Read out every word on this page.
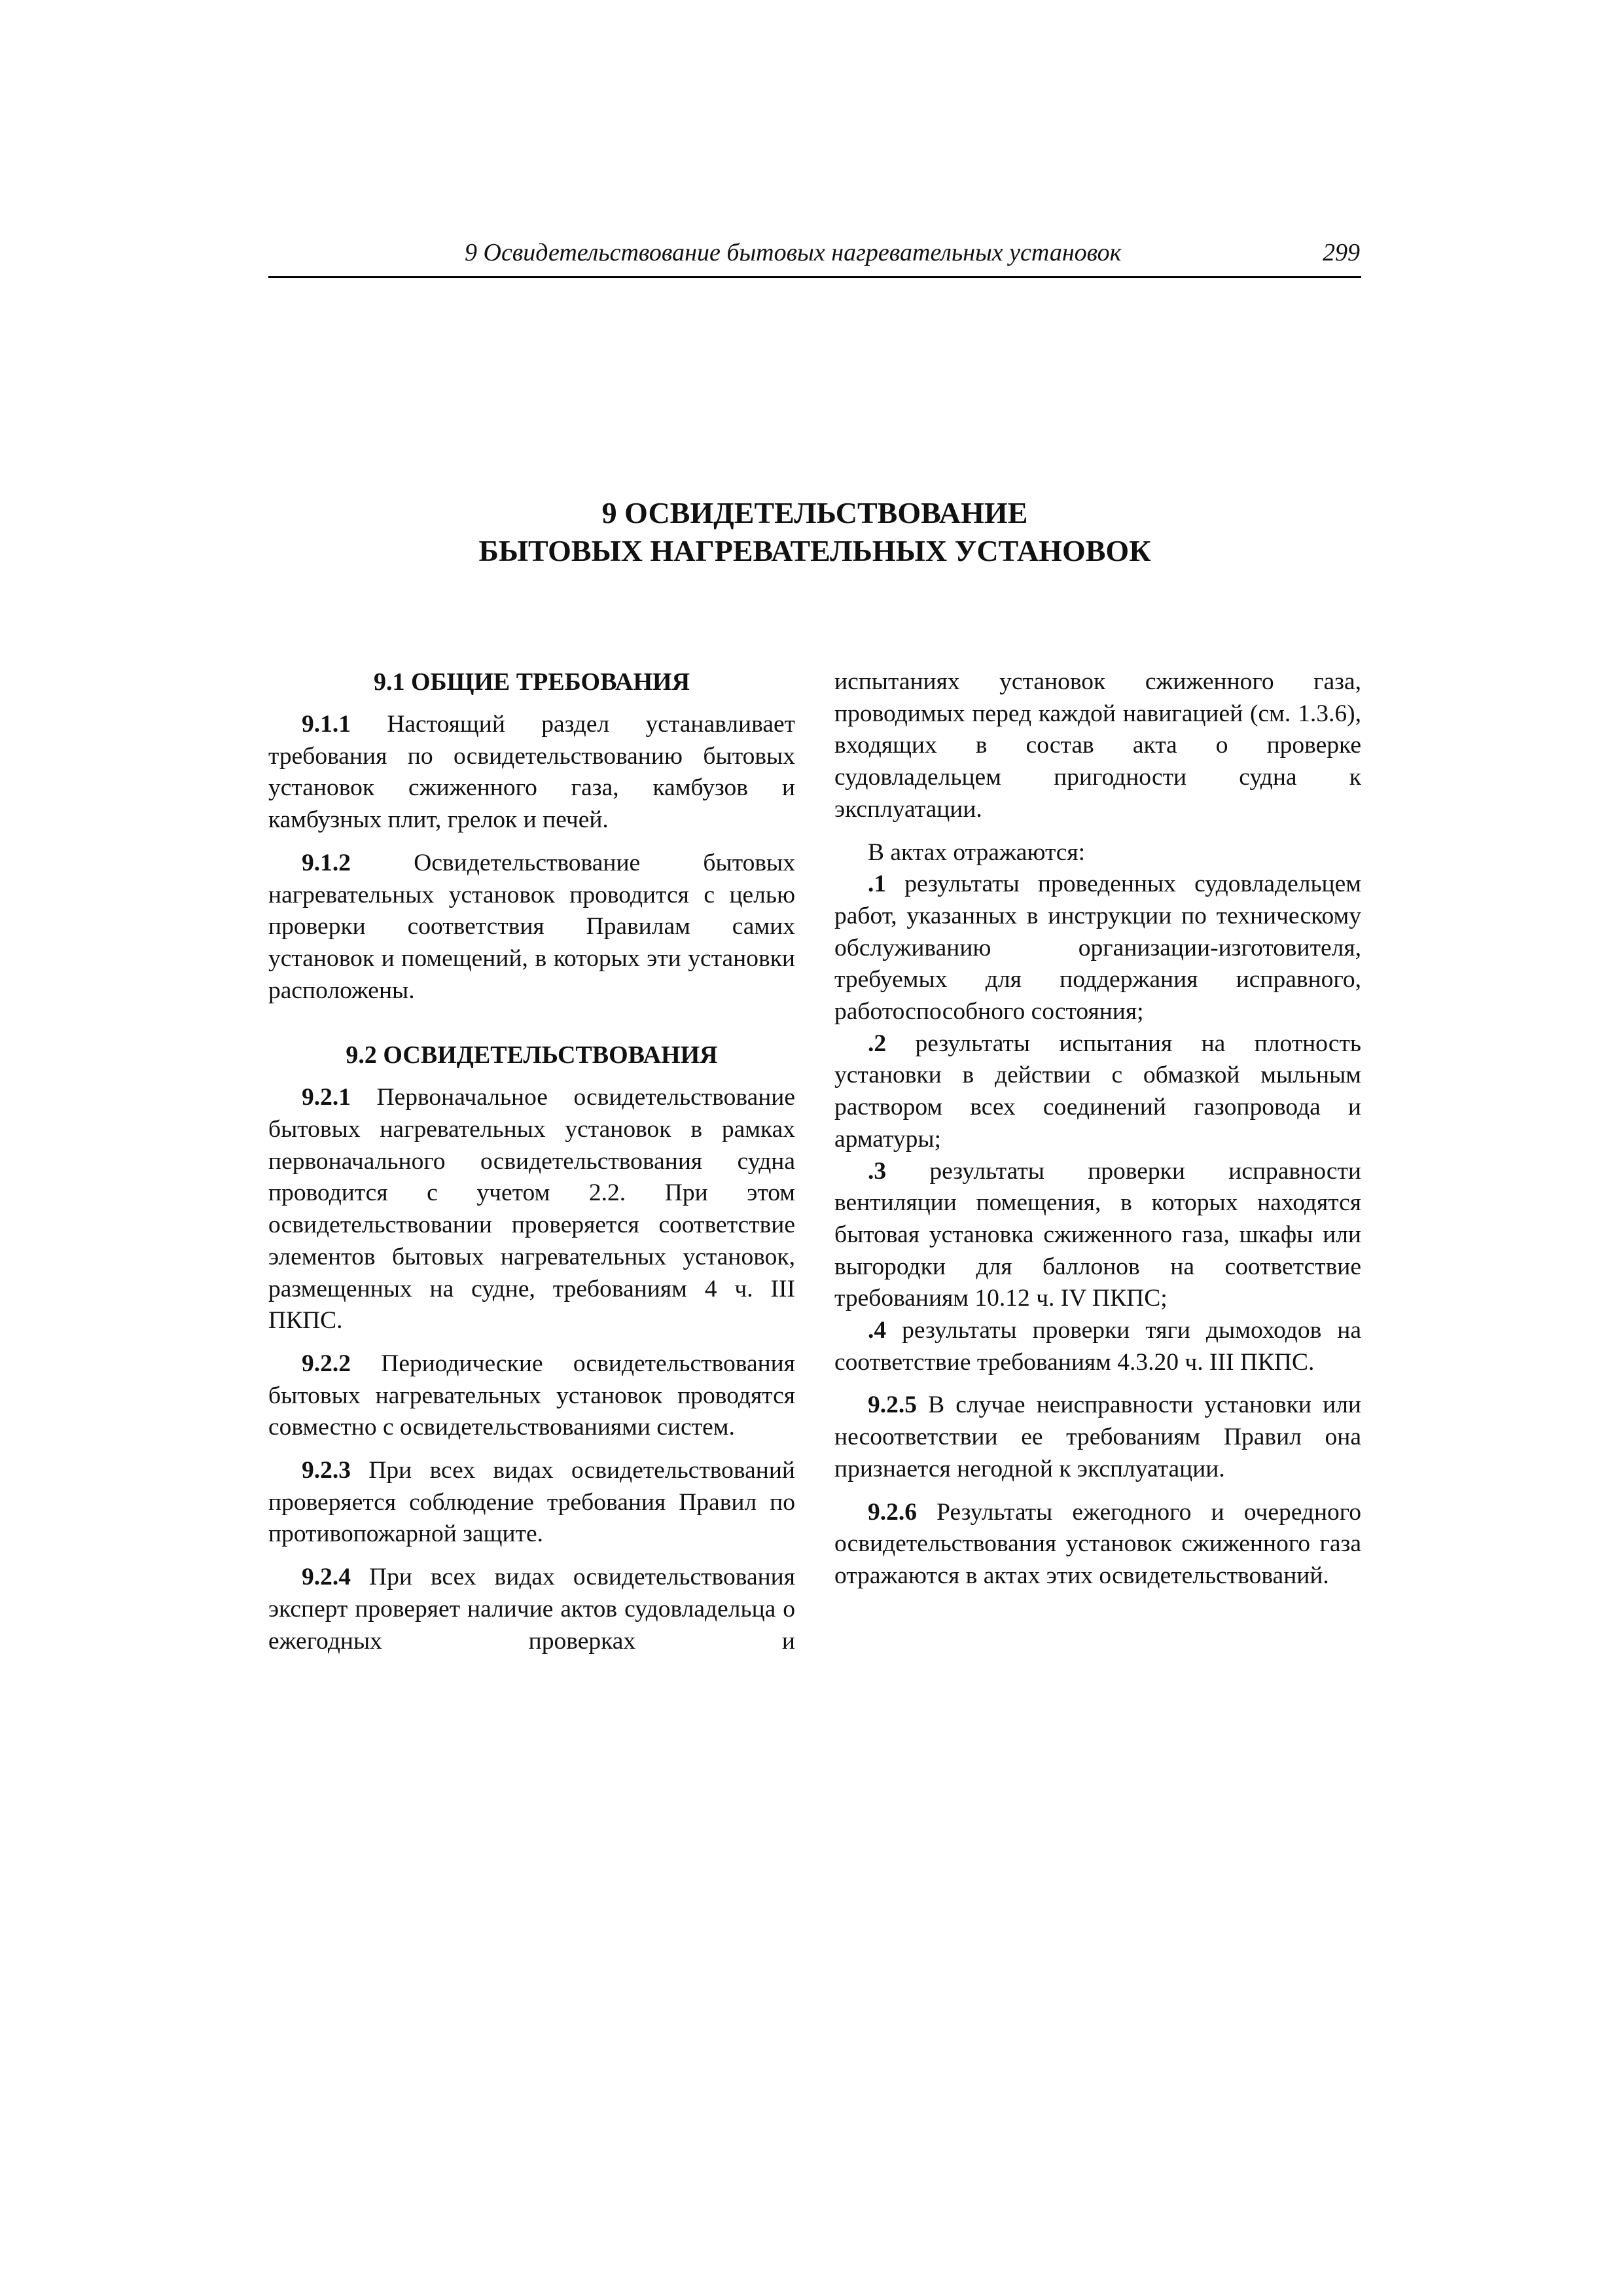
9 Освидетельствование бытовых нагревательных установок	299
9 ОСВИДЕТЕЛЬСТВОВАНИЕ
БЫТОВЫХ НАГРЕВАТЕЛЬНЫХ УСТАНОВОК
9.1 ОБЩИЕ ТРЕБОВАНИЯ

9.1.1 Настоящий раздел устанавливает требования по освидетельствованию бытовых установок сжиженного газа, камбузов и камбузных плит, грелок и печей.

9.1.2 Освидетельствование бытовых нагревательных установок проводится с целью проверки соответствия Правилам самих установок и помещений, в которых эти установки расположены.

9.2 ОСВИДЕТЕЛЬСТВОВАНИЯ

9.2.1 Первоначальное освидетельствование бытовых нагревательных установок в рамках первоначального освидетельствования судна проводится с учетом 2.2. При этом освидетельствовании проверяется соответствие элементов бытовых нагревательных установок, размещенных на судне, требованиям 4 ч. III ПКПС.

9.2.2 Периодические освидетельствования бытовых нагревательных установок проводятся совместно с освидетельствованиями систем.

9.2.3 При всех видах освидетельствований проверяется соблюдение требования Правил по противопожарной защите.

9.2.4 При всех видах освидетельствования эксперт проверяет наличие актов судовладельца о ежегодных проверках и

испытаниях установок сжиженного газа, проводимых перед каждой навигацией (см. 1.3.6), входящих в состав акта о проверке судовладельцем пригодности судна к эксплуатации.

В актах отражаются:

.1 результаты проведенных судовладельцем работ, указанных в инструкции по техническому обслуживанию организации-изготовителя, требуемых для поддержания исправного, работоспособного состояния;

.2 результаты испытания на плотность установки в действии с обмазкой мыльным раствором всех соединений газопровода и арматуры;

.3 результаты проверки исправности вентиляции помещения, в которых находятся бытовая установка сжиженного газа, шкафы или выгородки для баллонов на соответствие требованиям 10.12 ч. IV ПКПС;

.4 результаты проверки тяги дымоходов на соответствие требованиям 4.3.20 ч. III ПКПС.

9.2.5 В случае неисправности установки или несоответствии ее требованиям Правил она признается негодной к эксплуатации.

9.2.6 Результаты ежегодного и очередного освидетельствования установок сжиженного газа отражаются в актах этих освидетельствований.
